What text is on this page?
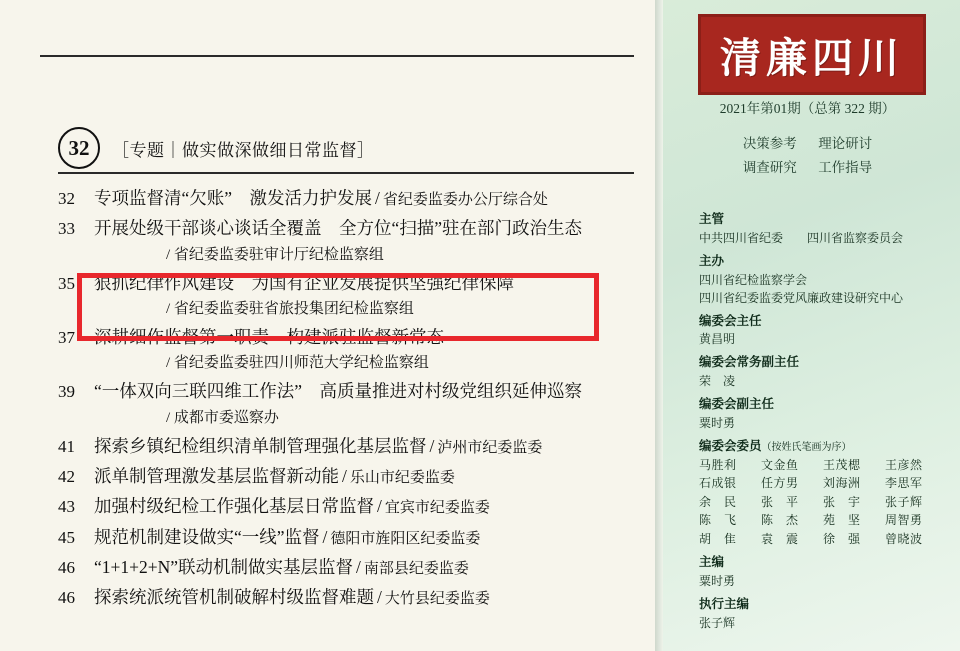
32	［专题｜做实做深做细日常监督］
32	专项监督清“欠账”　激发活力护发展 / 省纪委监委办公厅综合处
33	开展处级干部谈心谈话全覆盖　全方位“扫描”驻在部门政治生态
/ 省纪委监委驻审计厅纪检监察组
35	狠抓纪律作风建设　为国有企业发展提供坚强纪律保障
/ 省纪委监委驻省旅投集团纪检监察组
37	深耕细作监督第一职责　构建派驻监督新常态
/ 省纪委监委驻四川师范大学纪检监察组
39	“一体双向三联四维工作法”　高质量推进对村级党组织延伸巡察
/ 成都市委巡察办
41	探索乡镇纪检组织清单制管理强化基层监督 / 泸州市纪委监委
42	派单制管理激发基层监督新动能 / 乐山市纪委监委
43	加强村级纪检工作强化基层日常监督 / 宜宾市纪委监委
45	规范机制建设做实“一线”监督 / 德阳市旌阳区纪委监委
46	“1+1+2+N”联动机制做实基层监督 / 南部县纪委监委
46	探索统派统管机制破解村级监督难题 / 大竹县纪委监委
清廉四川
2021年第01期（总第 322 期）
决策参考 理论研讨
调查研究 工作指导
主管
中共四川省纪委　　四川省监察委员会
主办
四川省纪检监察学会
四川省纪委监委党风廉政建设研究中心
编委会主任
黄昌明
编委会常务副主任
荣　凌
编委会副主任
粟时勇
编委会委员（按姓氏笔画为序）
马胜利 文金鱼 王茂楒 王彦然
石成银 任方男 刘海洲 李思军
余　民 张　平 张　宇 张子辉
陈　飞 陈　杰 苑　坚 周智勇
胡　隹 袁　震 徐　强 曾晓波
主编
粟时勇
执行主编
张子辉
